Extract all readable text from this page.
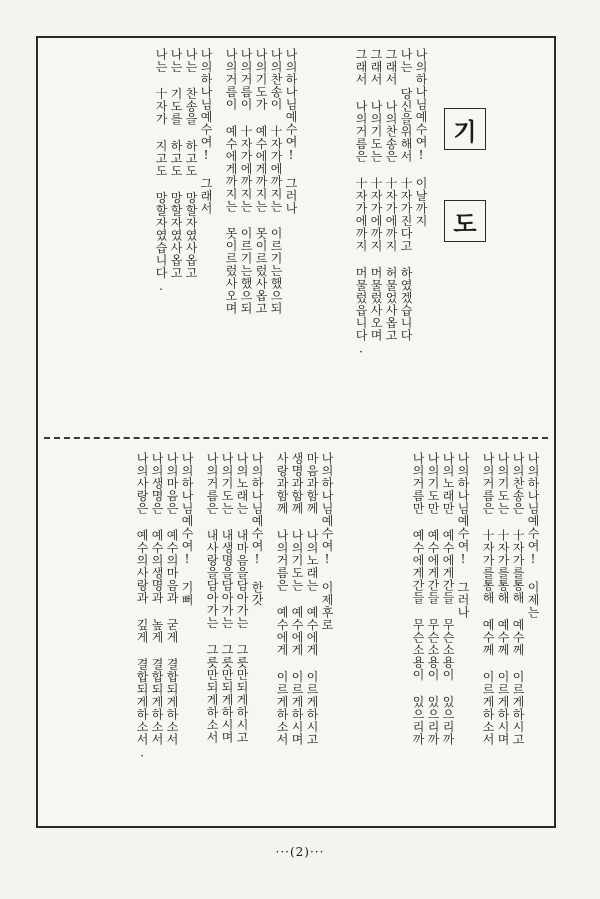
기
도
나의하나님예수여! 이날까지
나는 당신을위해서 十자가진다고 하였겠습니다
그래서 나의찬송은 十자가에까지 허물었사옵고
그래서 나의기도는 十자가에까지 머물렀사오며
그래서 나의거름은 十자가에까지 머물렀읍니다.
나의하나님예수여! 그러나
나의찬송이 十자가에까지는 이르기는했으되
나의기도가 예수에게까지는 못이르렀사옵고
나의거름이 十자가에까지는 이르기는했으되
나의거름이 예수에게까지는 못이르렀사오며
나의하나님예수여! 그래서
나는 찬송을 하고도 망할자였사옵고
나는 기도를 하고도 망할자였사옵고
나는 十자가 지고도 망할자였습니다.
나의하나님예수여! 이제는
나의찬송은 十자가를통해 예수께 이르게하시고
나의기도는 十자가를통해 예수께 이르게하시며
나의거름은 十자가를통해 예수께 이르게하소서
나의하나님예수여! 그러나
나의노래만 예수에게간들 무슨소용이 있으리까
나의기도만 예수에게간들 무슨소용이 있으리까
나의거름만 예수에게간들 무슨소용이 있으리까
나의하나님예수여! 이제후로
마음과함께 나의노래는 예수에게 이르게하시고
생명과함께 나의기도는 예수에게 이르게하시며
사랑과함께 나의거름은 예수에게 이르게하소서
나의하나님예수여! 한갓
나의노래는 내마음을담아가는 그릇만되게하시고
나의기도는 내생명을담아가는 그릇만되게하시며
나의거름은 내사랑을담아가는 그릇만되게하소서
나의하나님예수여! 기뻐
나의마음은 예수의마음과 굳게 결합되게하소서
나의생명은 예수의생명과 높게 결합되게하소서
나의사랑은 예수의사랑과 깊게 결합되게하소서.
···(2)···
